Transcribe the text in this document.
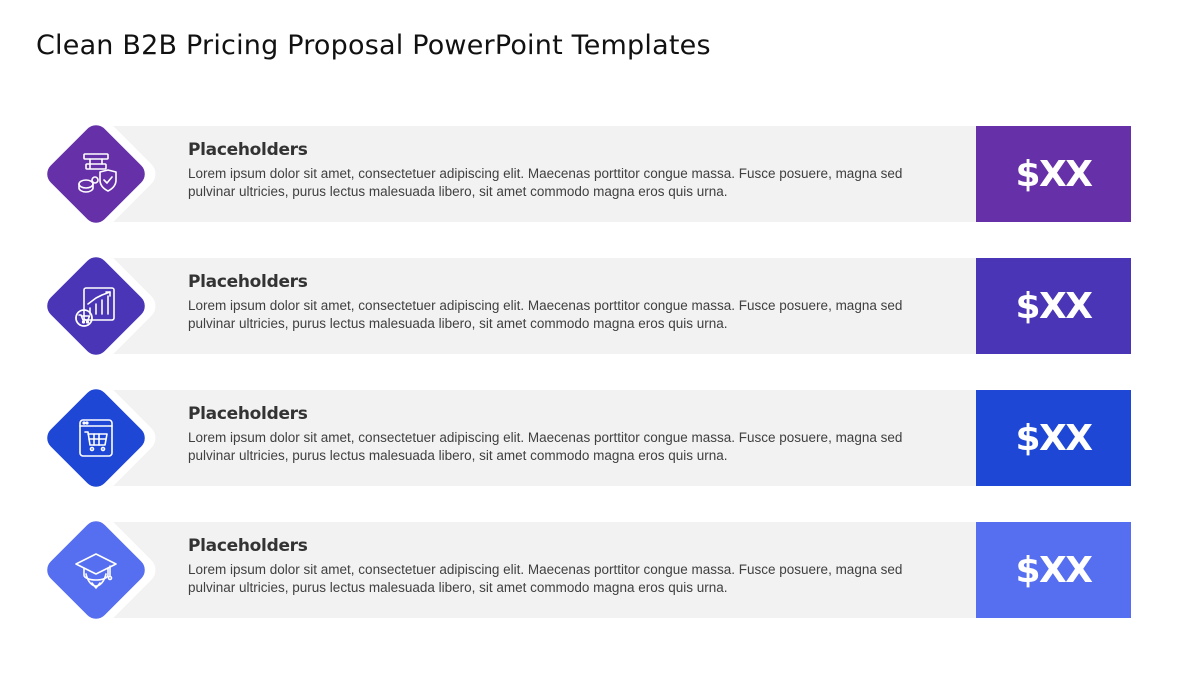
Clean B2B Pricing Proposal PowerPoint Templates
Placeholders
Lorem ipsum dolor sit amet, consectetuer adipiscing elit. Maecenas porttitor congue massa. Fusce posuere, magna sed pulvinar ultricies, purus lectus malesuada libero, sit amet commodo magna eros quis urna.	$XX
Placeholders
Lorem ipsum dolor sit amet, consectetuer adipiscing elit. Maecenas porttitor congue massa. Fusce posuere, magna sed pulvinar ultricies, purus lectus malesuada libero, sit amet commodo magna eros quis urna.	$XX
Placeholders
Lorem ipsum dolor sit amet, consectetuer adipiscing elit. Maecenas porttitor congue massa. Fusce posuere, magna sed pulvinar ultricies, purus lectus malesuada libero, sit amet commodo magna eros quis urna.	$XX
Placeholders
Lorem ipsum dolor sit amet, consectetuer adipiscing elit. Maecenas porttitor congue massa. Fusce posuere, magna sed pulvinar ultricies, purus lectus malesuada libero, sit amet commodo magna eros quis urna.	$XX
